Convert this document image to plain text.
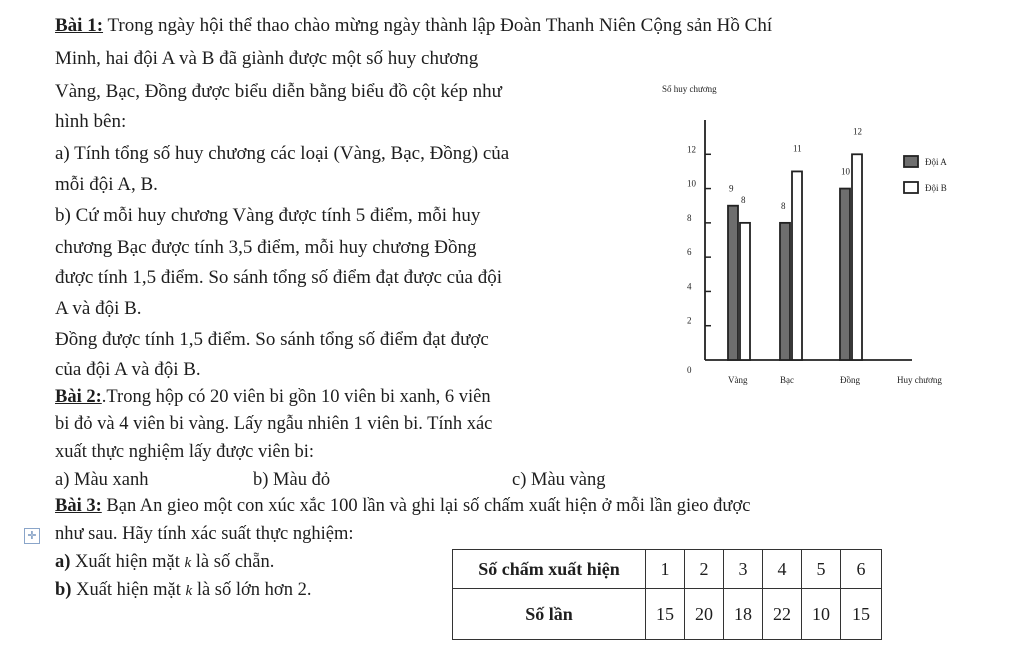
Bài 1: Trong ngày hội thể thao chào mừng ngày thành lập Đoàn Thanh Niên Cộng sản Hồ Chí
Minh, hai đội A và B đã giành được một số huy chương
Vàng, Bạc, Đồng được biểu diễn bằng biểu đồ cột kép như
hình bên:
a) Tính tổng số huy chương các loại (Vàng, Bạc, Đồng) của
mỗi đội A, B.
b) Cứ mỗi huy chương Vàng được tính 5 điểm, mỗi huy
chương Bạc được tính 3,5 điểm, mỗi huy chương Đồng
được tính 1,5 điểm. So sánh tổng số điểm đạt được của đội
A và đội B.
Đồng được tính 1,5 điểm. So sánh tổng số điểm đạt được
của đội A và đội B.
Bài 2:.Trong hộp có 20 viên bi gồn 10 viên bi xanh, 6 viên
bi đỏ và 4 viên bi vàng. Lấy ngẫu nhiên 1 viên bi. Tính xác
xuất thực nghiệm lấy được viên bi:
a) Màu xanh	b) Màu đỏ	c) Màu vàng
Bài 3: Bạn An gieo một con xúc xắc 100 lần và ghi lại số chấm xuất hiện ở mỗi lần gieo được
✛ như sau. Hãy tính xác suất thực nghiệm:
a) Xuất hiện mặt k là số chẵn.
b) Xuất hiện mặt k là số lớn hơn 2.
Số chấm xuất hiện	1	2	3	4	5	6
Số lần	15	20	18	22	10	15
Số huy chương
0
2
4
6
8
10
12
9
8
Vàng
8
11
Bạc
10
12
Đồng	Huy chương
Đội A
Đội B
